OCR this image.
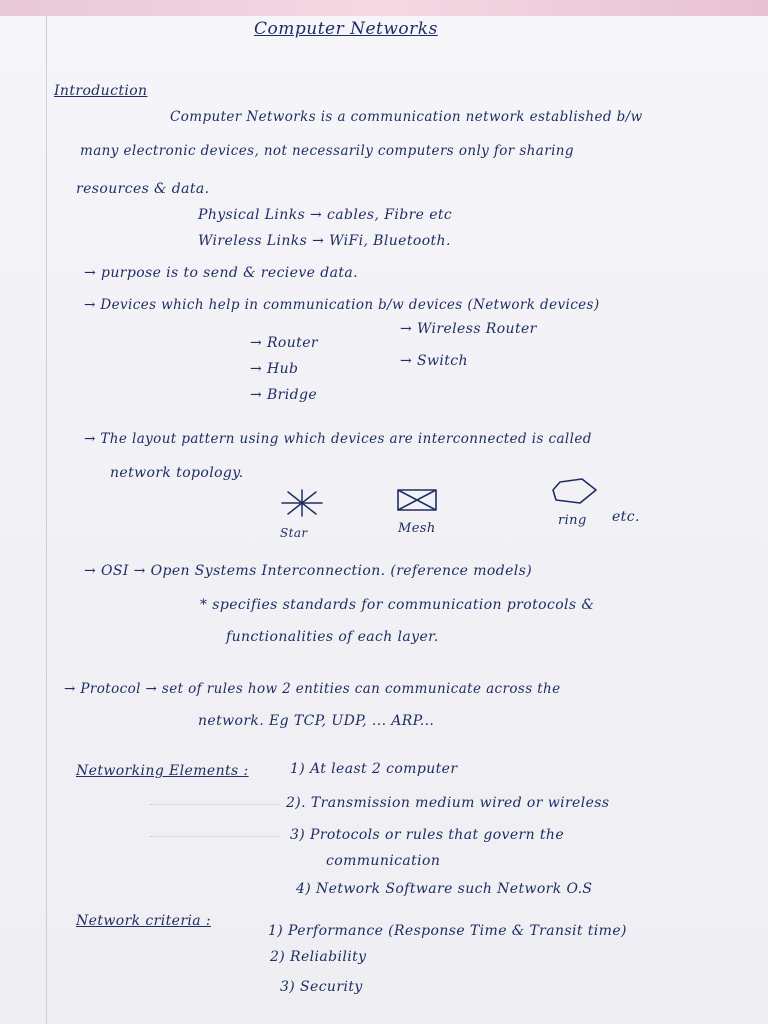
Computer Networks
Introduction
Computer Networks is a communication network established b/w
many electronic devices, not necessarily computers only for sharing
resources & data.
Physical Links → cables, Fibre etc
Wireless Links → WiFi, Bluetooth.
→ purpose is to send & recieve data.
→ Devices which help in communication b/w devices (Network devices)
→ Router
→ Hub
→ Bridge
→ Wireless Router
→ Switch
→ The layout pattern using which devices are interconnected is called
network topology.
Star	Mesh
ring etc.
→ OSI → Open Systems Interconnection. (reference models)
* specifies standards for communication protocols &
functionalities of each layer.
→ Protocol → set of rules how 2 entities can communicate across the
network. Eg TCP, UDP, ... ARP...
Networking Elements :	1) At least 2 computer
2). Transmission medium wired or wireless
3) Protocols or rules that govern the
communication
4) Network Software such Network O.S
Network criteria :
1) Performance (Response Time & Transit time)
2) Reliability
3) Security
